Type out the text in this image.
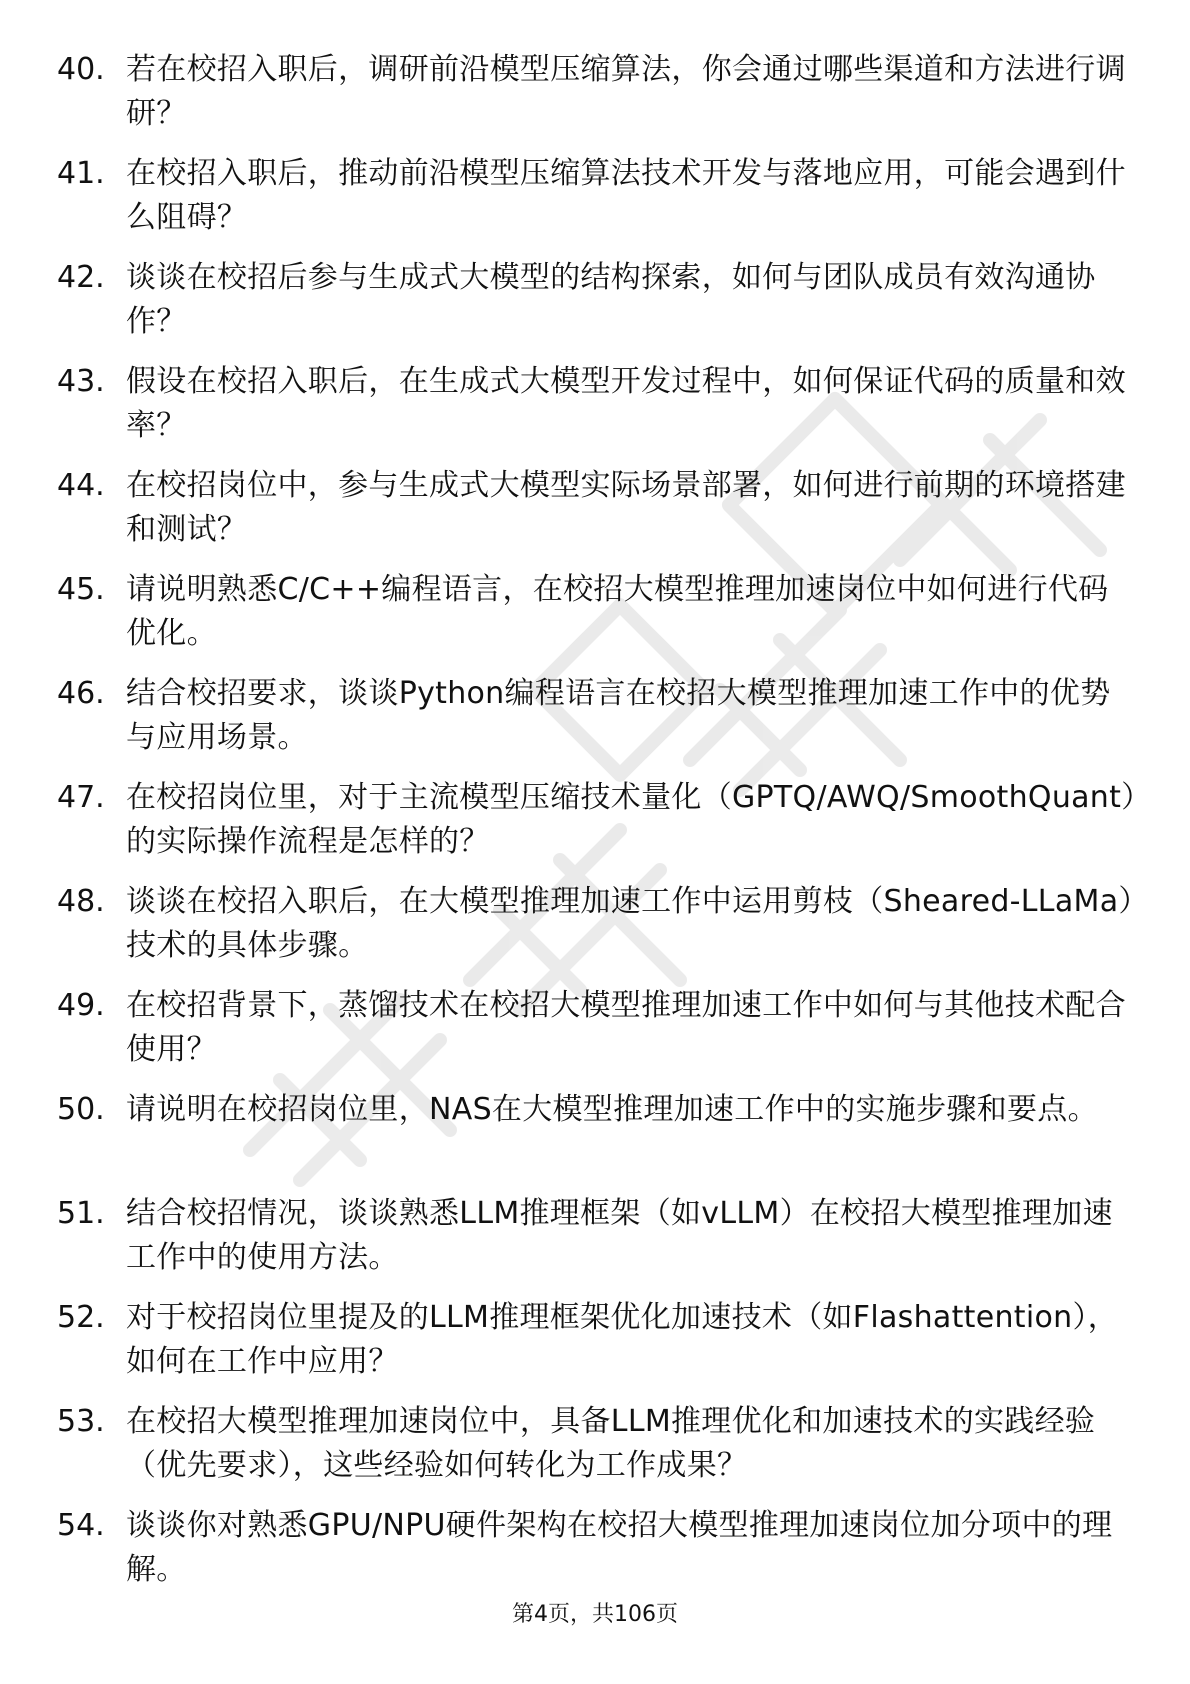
40. 若在校招入职后，调研前沿模型压缩算法，你会通过哪些渠道和方法进行调研？
41. 在校招入职后，推动前沿模型压缩算法技术开发与落地应用，可能会遇到什么阻碍？
42. 谈谈在校招后参与生成式大模型的结构探索，如何与团队成员有效沟通协作？
43. 假设在校招入职后，在生成式大模型开发过程中，如何保证代码的质量和效率？
44. 在校招岗位中，参与生成式大模型实际场景部署，如何进行前期的环境搭建和测试？
45. 请说明熟悉C/C++编程语言，在校招大模型推理加速岗位中如何进行代码优化。
46. 结合校招要求，谈谈Python编程语言在校招大模型推理加速工作中的优势与应用场景。
47. 在校招岗位里，对于主流模型压缩技术量化（GPTQ/AWQ/SmoothQuant）的实际操作流程是怎样的？
48. 谈谈在校招入职后，在大模型推理加速工作中运用剪枝（Sheared-LLaMa）技术的具体步骤。
49. 在校招背景下，蒸馏技术在校招大模型推理加速工作中如何与其他技术配合使用？
50. 请说明在校招岗位里，NAS在大模型推理加速工作中的实施步骤和要点。
51. 结合校招情况，谈谈熟悉LLM推理框架（如vLLM）在校招大模型推理加速工作中的使用方法。
52. 对于校招岗位里提及的LLM推理框架优化加速技术（如Flashattention），如何在工作中应用？
53. 在校招大模型推理加速岗位中，具备LLM推理优化和加速技术的实践经验（优先要求），这些经验如何转化为工作成果？
54. 谈谈你对熟悉GPU/NPU硬件架构在校招大模型推理加速岗位加分项中的理解。
第4页，共106页
